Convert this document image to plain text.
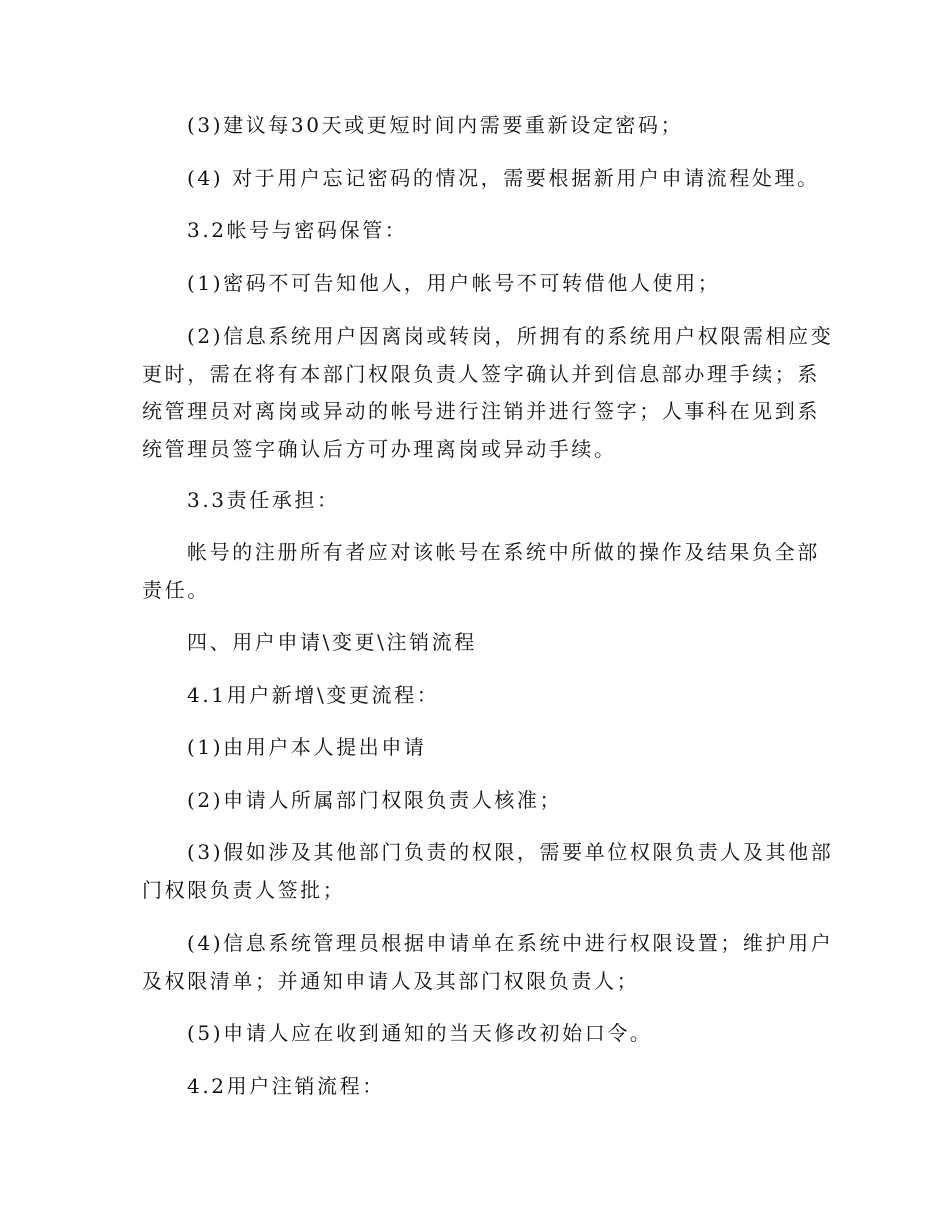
(3)建议每30天或更短时间内需要重新设定密码；
(4) 对于用户忘记密码的情况，需要根据新用户申请流程处理。
3.2帐号与密码保管：
(1)密码不可告知他人，用户帐号不可转借他人使用；
(2)信息系统用户因离岗或转岗，所拥有的系统用户权限需相应变
更时，需在将有本部门权限负责人签字确认并到信息部办理手续；系
统管理员对离岗或异动的帐号进行注销并进行签字；人事科在见到系
统管理员签字确认后方可办理离岗或异动手续。
3.3责任承担：
帐号的注册所有者应对该帐号在系统中所做的操作及结果负全部
责任。
四、用户申请\变更\注销流程
4.1用户新增\变更流程：
(1)由用户本人提出申请
(2)申请人所属部门权限负责人核准；
(3)假如涉及其他部门负责的权限，需要单位权限负责人及其他部
门权限负责人签批；
(4)信息系统管理员根据申请单在系统中进行权限设置；维护用户
及权限清单；并通知申请人及其部门权限负责人；
(5)申请人应在收到通知的当天修改初始口令。
4.2用户注销流程：
